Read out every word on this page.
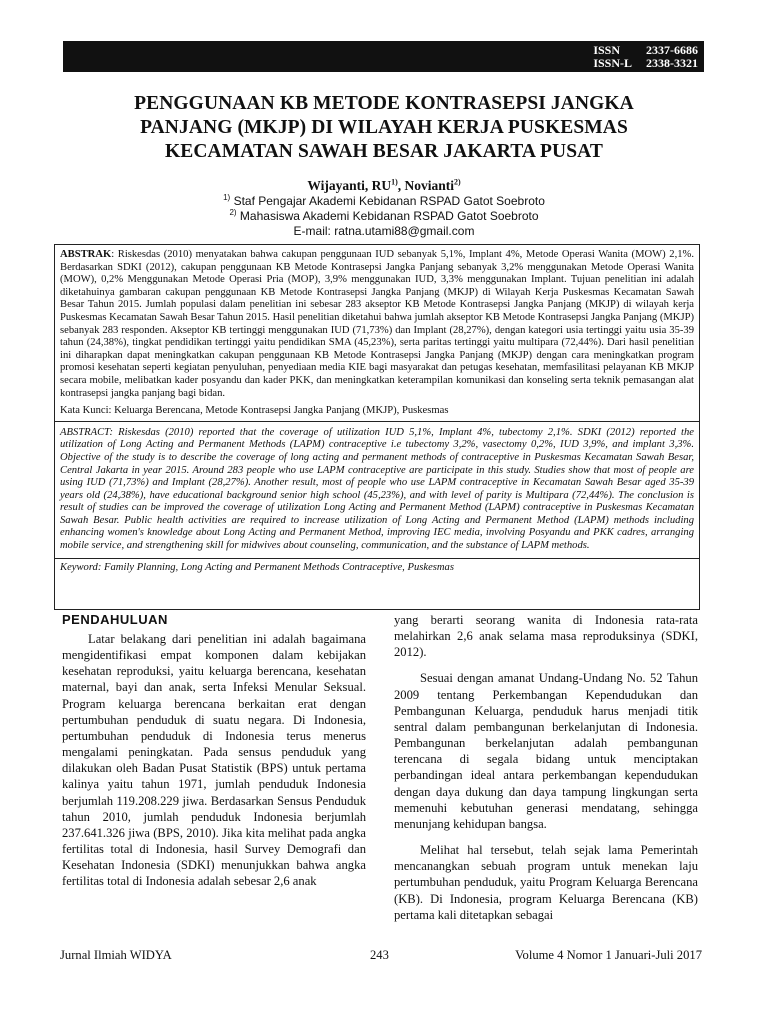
ISSN	2337-6686
ISSN-L 2338-3321
PENGGUNAAN KB METODE KONTRASEPSI JANGKA
PANJANG (MKJP) DI WILAYAH KERJA PUSKESMAS
KECAMATAN SAWAH BESAR JAKARTA PUSAT
Wijayanti, RU$^{1)}$, Novianti$^{2)}$
$^{1)}$ Staf Pengajar Akademi Kebidanan RSPAD Gatot Soebroto
$^{2)}$ Mahasiswa Akademi Kebidanan RSPAD Gatot Soebroto
E-mail: ratna.utami88@gmail.com

ABSTRAK: Riskesdas (2010) menyatakan bahwa cakupan penggunaan IUD sebanyak 5,1%, Implant 4%, Metode Operasi Wanita (MOW) 2,1%. Berdasarkan SDKI (2012), cakupan penggunaan KB Metode Kontrasepsi Jangka Panjang sebanyak 3,2% menggunakan Metode Operasi Wanita (MOW), 0,2% Menggunakan Metode Operasi Pria (MOP), 3,9% menggunakan IUD, 3,3% menggunakan Implant. Tujuan penelitian ini adalah diketahuinya gambaran cakupan penggunaan KB Metode Kontrasepsi Jangka Panjang (MKJP) di Wilayah Kerja Puskesmas Kecamatan Sawah Besar Tahun 2015. Jumlah populasi dalam penelitian ini sebesar 283 akseptor KB Metode Kontrasepsi Jangka Panjang (MKJP) di wilayah kerja Puskesmas Kecamatan Sawah Besar Tahun 2015. Hasil penelitian diketahui bahwa jumlah akseptor KB Metode Kontrasepsi Jangka Panjang (MKJP) sebanyak 283 responden. Akseptor KB tertinggi menggunakan IUD (71,73%) dan Implant (28,27%), dengan kategori usia tertinggi yaitu usia 35-39 tahun (24,38%), tingkat pendidikan tertinggi yaitu pendidikan SMA (45,23%), serta paritas tertinggi yaitu multipara (72,44%). Dari hasil penelitian ini diharapkan dapat meningkatkan cakupan penggunaan KB Metode Kontrasepsi Jangka Panjang (MKJP) dengan cara meningkatkan program promosi kesehatan seperti kegiatan penyuluhan, penyediaan media KIE bagi masyarakat dan petugas kesehatan, memfasilitasi pelayanan KB MKJP secara mobile, melibatkan kader posyandu dan kader PKK, dan meningkatkan keterampilan komunikasi dan konseling serta teknik pemasangan alat kontrasepsi jangka panjang bagi bidan.

Kata Kunci: Keluarga Berencana, Metode Kontrasepsi Jangka Panjang (MKJP), Puskesmas

ABSTRACT: Riskesdas (2010) reported that the coverage of utilization IUD 5,1%, Implant 4%, tubectomy 2,1%. SDKI (2012) reported the utilization of Long Acting and Permanent Methods (LAPM) contraceptive i.e tubectomy 3,2%, vasectomy 0,2%, IUD 3,9%, and implant 3,3%. Objective of the study is to describe the coverage of long acting and permanent methods of contraceptive in Puskesmas Kecamatan Sawah Besar, Central Jakarta in year 2015. Around 283 people who use LAPM contraceptive are participate in this study. Studies show that most of people are using IUD (71,73%) and Implant (28,27%). Another result, most of people who use LAPM contraceptive in Kecamatan Sawah Besar aged 35-39 years old (24,38%), have educational background senior high school (45,23%), and with level of parity is Multipara (72,44%). The conclusion is result of studies can be improved the coverage of utilization Long Acting and Permanent Method (LAPM) contraceptive in Puskesmas Kecamatan Sawah Besar. Public health activities are required to increase utilization of Long Acting and Permanent Method (LAPM) methods including enhancing women's knowledge about Long Acting and Permanent Method, improving IEC media, involving Posyandu and PKK cadres, arranging mobile service, and strengthening skill for midwives about counseling, communication, and the substance of LAPM methods.

Keyword: Family Planning, Long Acting and Permanent Methods Contraceptive, Puskesmas

PENDAHULUAN

Latar belakang dari penelitian ini adalah bagaimana mengidentifikasi empat komponen dalam kebijakan kesehatan reproduksi, yaitu keluarga berencana, kesehatan maternal, bayi dan anak, serta Infeksi Menular Seksual. Program keluarga berencana berkaitan erat dengan pertumbuhan penduduk di suatu negara. Di Indonesia, pertumbuhan penduduk di Indonesia terus menerus mengalami peningkatan. Pada sensus penduduk yang dilakukan oleh Badan Pusat Statistik (BPS) untuk pertama kalinya yaitu tahun 1971, jumlah penduduk Indonesia berjumlah 119.208.229 jiwa. Berdasarkan Sensus Penduduk tahun 2010, jumlah penduduk Indonesia berjumlah 237.641.326 jiwa (BPS, 2010). Jika kita melihat pada angka fertilitas total di Indonesia, hasil Survey Demografi dan Kesehatan Indonesia (SDKI) menunjukkan bahwa angka fertilitas total di Indonesia adalah sebesar 2,6 anak

yang berarti seorang wanita di Indonesia rata-rata melahirkan 2,6 anak selama masa reproduksinya (SDKI, 2012).

Sesuai dengan amanat Undang-Undang No. 52 Tahun 2009 tentang Perkembangan Kependudukan dan Pembangunan Keluarga, penduduk harus menjadi titik sentral dalam pembangunan berkelanjutan di Indonesia. Pembangunan berkelanjutan adalah pembangunan terencana di segala bidang untuk menciptakan perbandingan ideal antara perkembangan kependudukan dengan daya dukung dan daya tampung lingkungan serta memenuhi kebutuhan generasi mendatang, sehingga menunjang kehidupan bangsa.

Melihat hal tersebut, telah sejak lama Pemerintah mencanangkan sebuah program untuk menekan laju pertumbuhan penduduk, yaitu Program Keluarga Berencana (KB). Di Indonesia, program Keluarga Berencana (KB) pertama kali ditetapkan sebagai

Jurnal Ilmiah WIDYA	243	Volume 4 Nomor 1 Januari-Juli 2017
